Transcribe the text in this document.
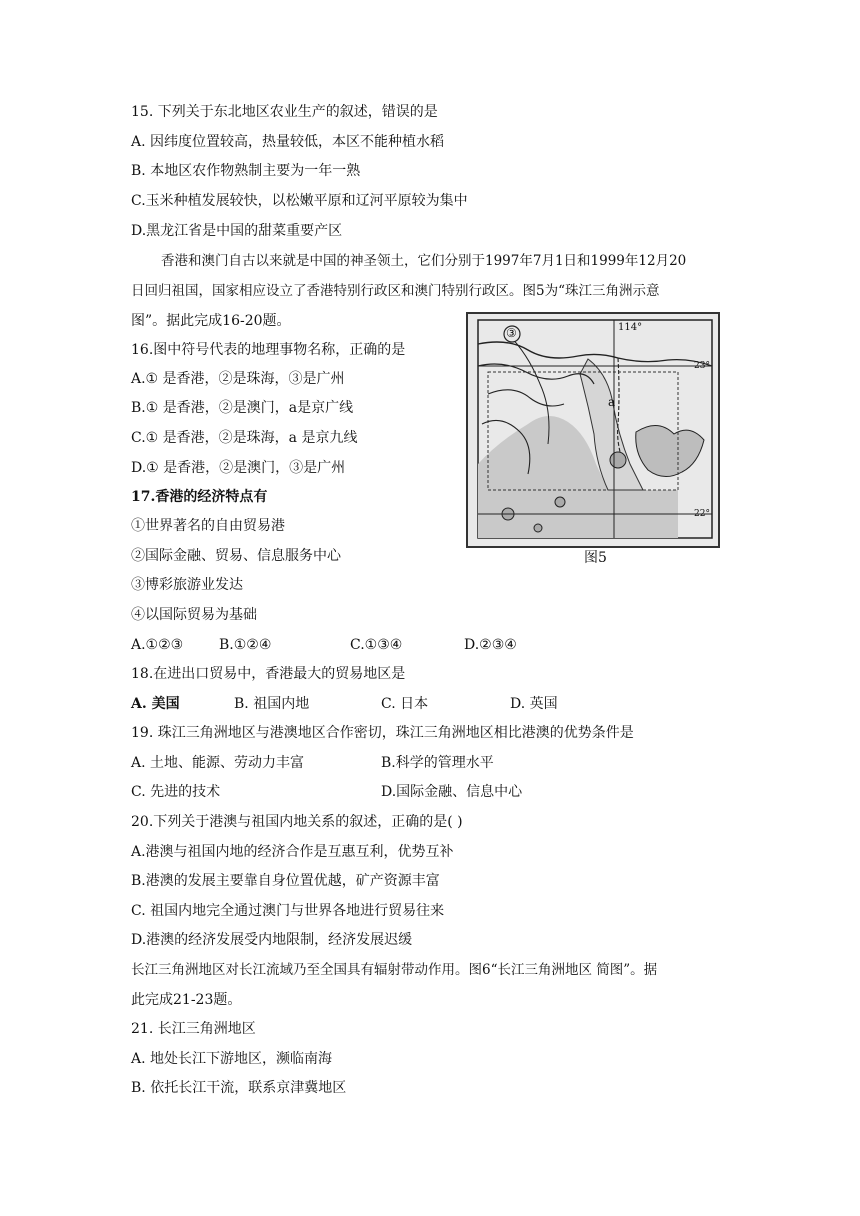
15. 下列关于东北地区农业生产的叙述，错误的是
A. 因纬度位置较高，热量较低，本区不能种植水稻
B. 本地区农作物熟制主要为一年一熟
C.玉米种植发展较快，以松嫩平原和辽河平原较为集中
D.黑龙江省是中国的甜菜重要产区
香港和澳门自古以来就是中国的神圣领土，它们分别于1997年7月1日和1999年12月20
日回归祖国，国家相应设立了香港特别行政区和澳门特别行政区。图5为“珠江三角洲示意
图”。据此完成16-20题。
③	114°
23°
22°
a
图5
16.图中符号代表的地理事物名称，正确的是
A.① 是香港，②是珠海，③是广州
B.① 是香港，②是澳门，a是京广线
C.① 是香港，②是珠海，a 是京九线
D.① 是香港，②是澳门，③是广州
17.香港的经济特点有
①世界著名的自由贸易港
②国际金融、贸易、信息服务中心
③博彩旅游业发达
④以国际贸易为基础
A.①②③	B.①②④	C.①③④	D.②③④
18.在进出口贸易中，香港最大的贸易地区是
A. 美国	B. 祖国内地	C. 日本	D. 英国
19. 珠江三角洲地区与港澳地区合作密切，珠江三角洲地区相比港澳的优势条件是
A. 土地、能源、劳动力丰富	B.科学的管理水平
C. 先进的技术	D.国际金融、信息中心
20.下列关于港澳与祖国内地关系的叙述，正确的是( )
A.港澳与祖国内地的经济合作是互惠互利，优势互补
B.港澳的发展主要靠自身位置优越，矿产资源丰富
C. 祖国内地完全通过澳门与世界各地进行贸易往来
D.港澳的经济发展受内地限制，经济发展迟缓
长江三角洲地区对长江流域乃至全国具有辐射带动作用。图6“长江三角洲地区 简图”。据
此完成21-23题。
21. 长江三角洲地区
A. 地处长江下游地区，濒临南海
B. 依托长江干流，联系京津冀地区
